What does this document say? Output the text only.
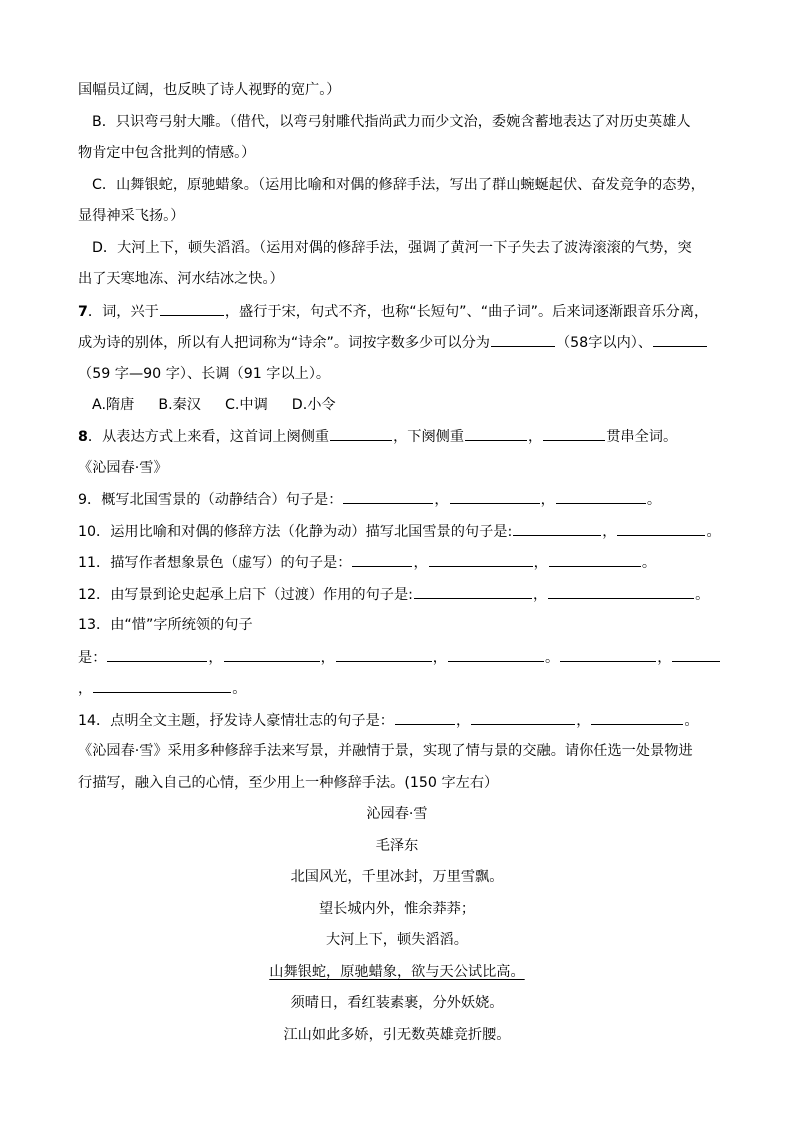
国幅员辽阔，也反映了诗人视野的宽广。）
B．只识弯弓射大雕。（借代，以弯弓射雕代指尚武力而少文治，委婉含蓄地表达了对历史英雄人
物肯定中包含批判的情感。）
C．山舞银蛇，原驰蜡象。（运用比喻和对偶的修辞手法，写出了群山蜿蜒起伏、奋发竞争的态势，
显得神采飞扬。）
D．大河上下，顿失滔滔。（运用对偶的修辞手法，强调了黄河一下子失去了波涛滚滚的气势，突
出了天寒地冻、河水结冰之快。）
7．词，兴于	，盛行于宋，句式不齐，也称“长短句”、“曲子词”。后来词逐渐跟音乐分离，
成为诗的别体，所以有人把词称为“诗余”。词按字数多少可以分为	（58字以内）、
（59 字—90 字）、长调（91 字以上）。
A.隋唐 B.秦汉 C.中调 D.小令
8．从表达方式上来看，这首词上阕侧重	，下阕侧重	，	贯串全词。
《沁园春·雪》
9．概写北国雪景的（动静结合）句子是：	，	，	。
10．运用比喻和对偶的修辞方法（化静为动）描写北国雪景的句子是:	，	。
11．描写作者想象景色（虚写）的句子是：	，	，	。
12．由写景到论史起承上启下（过渡）作用的句子是:	，	。
13．由“惜”字所统领的句子
是：	，	，	，	。	，
，	。
14．点明全文主题，抒发诗人豪情壮志的句子是：	，	，	。
《沁园春·雪》采用多种修辞手法来写景，并融情于景，实现了情与景的交融。请你任选一处景物进
行描写，融入自己的心情，至少用上一种修辞手法。(150 字左右）
沁园春·雪
毛泽东
北国风光，千里冰封，万里雪飘。
望长城内外，惟余莽莽；
大河上下，顿失滔滔。
山舞银蛇，原驰蜡象，欲与天公试比高。
须晴日，看红装素裹，分外妖娆。
江山如此多娇，引无数英雄竞折腰。
